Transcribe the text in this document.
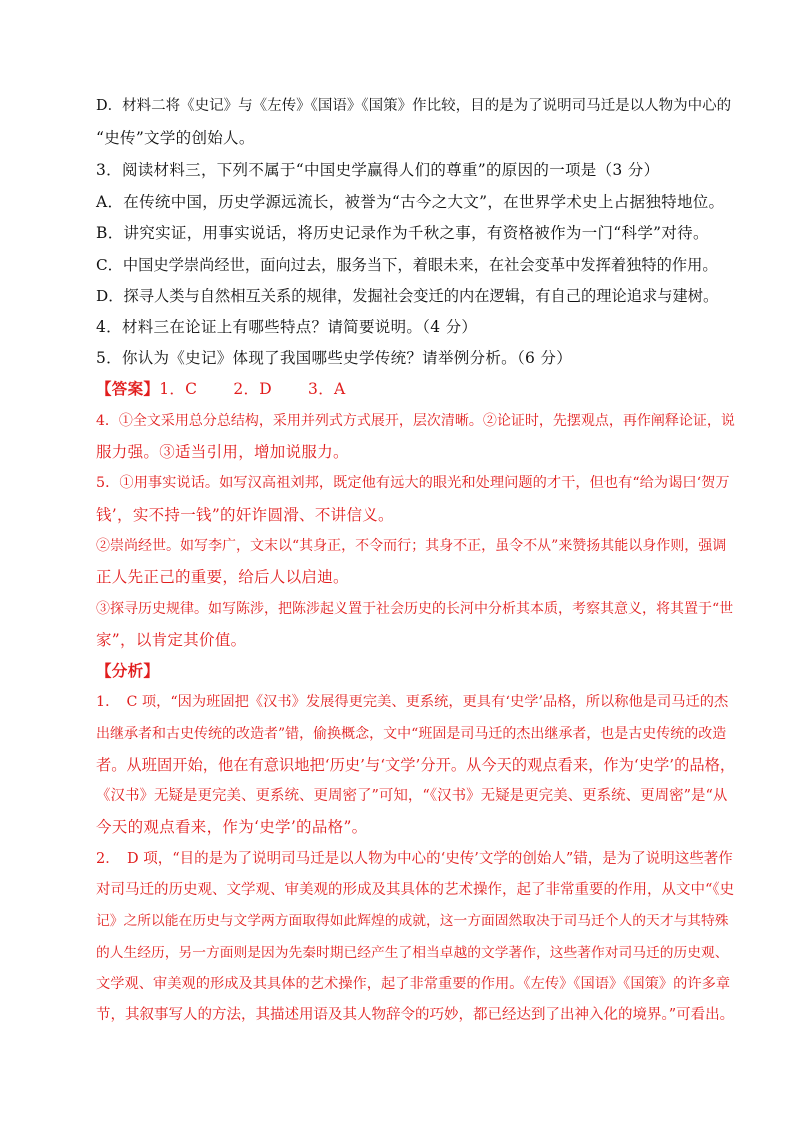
D．材料二将《史记》与《左传》《国语》《国策》作比较，目的是为了说明司马迁是以人物为中心的
“史传”文学的创始人。
3．阅读材料三，下列不属于“中国史学赢得人们的尊重”的原因的一项是（3 分）
A．在传统中国，历史学源远流长，被誉为“古今之大文”，在世界学术史上占据独特地位。
B．讲究实证，用事实说话，将历史记录作为千秋之事，有资格被作为一门“科学”对待。
C．中国史学崇尚经世，面向过去，服务当下，着眼未来，在社会变革中发挥着独特的作用。
D．探寻人类与自然相互关系的规律，发掘社会变迁的内在逻辑，有自己的理论追求与建树。
4．材料三在论证上有哪些特点？请简要说明。（4 分）
5．你认为《史记》体现了我国哪些史学传统？请举例分析。（6 分）
【答案】1．C 2．D 3．A
4．①全文采用总分总结构，采用并列式方式展开，层次清晰。②论证时，先摆观点，再作阐释论证，说
服力强。③适当引用，增加说服力。
5．①用事实说话。如写汉高祖刘邦，既定他有远大的眼光和处理问题的才干，但也有“给为谒曰‘贺万
钱’，实不持一钱”的奸诈圆滑、不讲信义。
②崇尚经世。如写李广，文末以“其身正，不令而行；其身不正，虽令不从”来赞扬其能以身作则，强调
正人先正己的重要，给后人以启迪。
③探寻历史规律。如写陈涉，把陈涉起义置于社会历史的长河中分析其本质，考察其意义，将其置于“世
家”，以肯定其价值。
【分析】
1．　C 项，“因为班固把《汉书》发展得更完美、更系统，更具有‘史学’品格，所以称他是司马迁的杰
出继承者和古史传统的改造者”错，偷换概念，文中“班固是司马迁的杰出继承者，也是古史传统的改造
者。从班固开始，他在有意识地把‘历史’与‘文学’分开。从今天的观点看来，作为‘史学’的品格，
《汉书》无疑是更完美、更系统、更周密了”可知，“《汉书》无疑是更完美、更系统、更周密”是“从
今天的观点看来，作为‘史学’的品格”。
2．　D 项，“目的是为了说明司马迁是以人物为中心的‘史传’文学的创始人”错，是为了说明这些著作
对司马迁的历史观、文学观、审美观的形成及其具体的艺术操作，起了非常重要的作用，从文中“《史
记》之所以能在历史与文学两方面取得如此辉煌的成就，这一方面固然取决于司马迁个人的天才与其特殊
的人生经历，另一方面则是因为先秦时期已经产生了相当卓越的文学著作，这些著作对司马迁的历史观、
文学观、审美观的形成及其具体的艺术操作，起了非常重要的作用。《左传》《国语》《国策》的许多章
节，其叙事写人的方法，其描述用语及其人物辞令的巧妙，都已经达到了出神入化的境界。”可看出。
